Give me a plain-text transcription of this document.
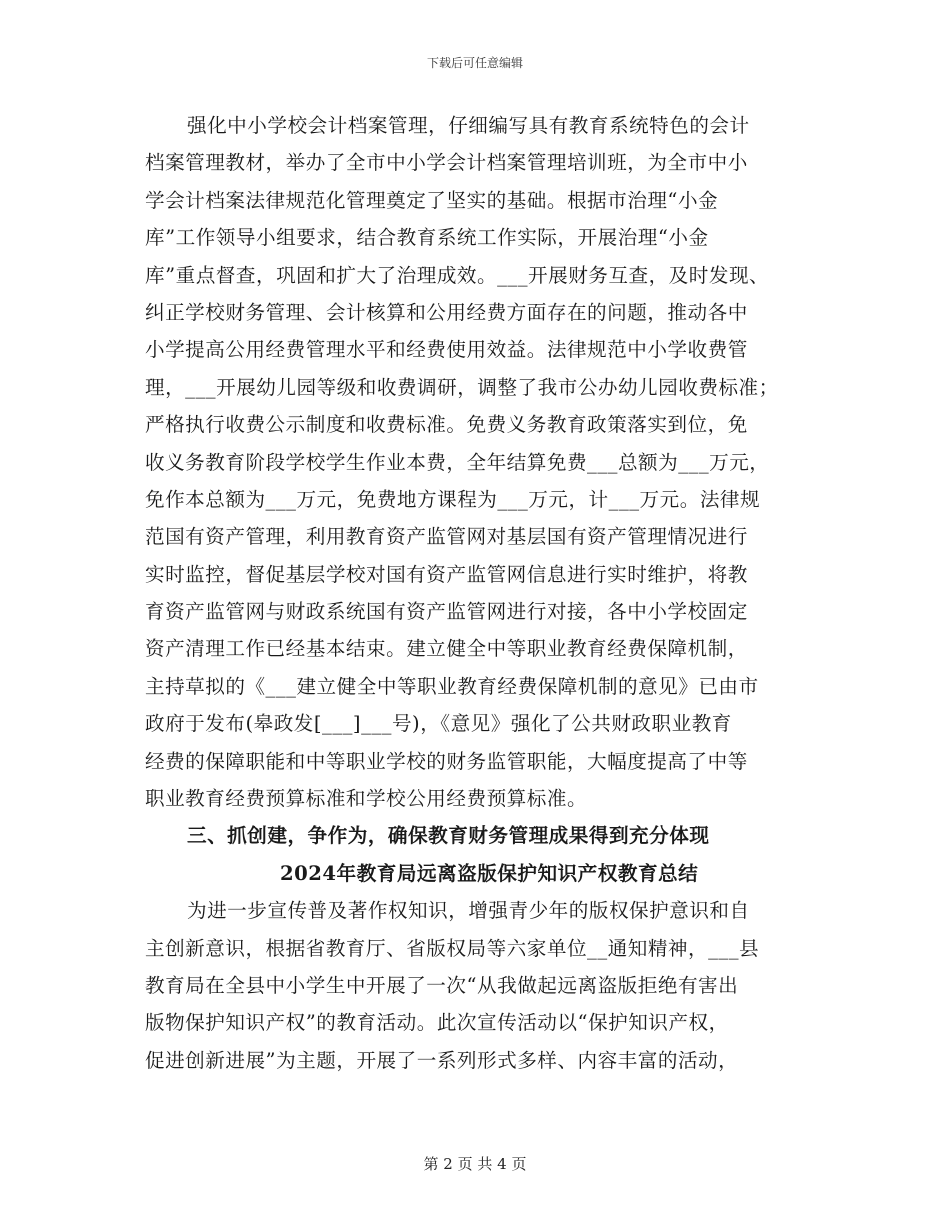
下载后可任意编辑
强化中小学校会计档案管理，仔细编写具有教育系统特色的会计
档案管理教材，举办了全市中小学会计档案管理培训班，为全市中小
学会计档案法律规范化管理奠定了坚实的基础。根据市治理“小金
库”工作领导小组要求，结合教育系统工作实际，开展治理“小金
库”重点督查，巩固和扩大了治理成效。___开展财务互查，及时发现、
纠正学校财务管理、会计核算和公用经费方面存在的问题，推动各中
小学提高公用经费管理水平和经费使用效益。法律规范中小学收费管
理，___开展幼儿园等级和收费调研，调整了我市公办幼儿园收费标准；
严格执行收费公示制度和收费标准。免费义务教育政策落实到位，免
收义务教育阶段学校学生作业本费，全年结算免费___总额为___万元，
免作本总额为___万元，免费地方课程为___万元，计___万元。法律规
范国有资产管理，利用教育资产监管网对基层国有资产管理情况进行
实时监控，督促基层学校对国有资产监管网信息进行实时维护，将教
育资产监管网与财政系统国有资产监管网进行对接，各中小学校固定
资产清理工作已经基本结束。建立健全中等职业教育经费保障机制，
主持草拟的《___建立健全中等职业教育经费保障机制的意见》已由市
政府于发布(皋政发[___]___号)，《意见》强化了公共财政职业教育
经费的保障职能和中等职业学校的财务监管职能，大幅度提高了中等
职业教育经费预算标准和学校公用经费预算标准。
三、抓创建，争作为，确保教育财务管理成果得到充分体现
2024年教育局远离盗版保护知识产权教育总结
为进一步宣传普及著作权知识，增强青少年的版权保护意识和自
主创新意识，根据省教育厅、省版权局等六家单位__通知精神，___县
教育局在全县中小学生中开展了一次“从我做起远离盗版拒绝有害出
版物保护知识产权”的教育活动。此次宣传活动以“保护知识产权，
促进创新进展”为主题，开展了一系列形式多样、内容丰富的活动，
第 2 页 共 4 页
